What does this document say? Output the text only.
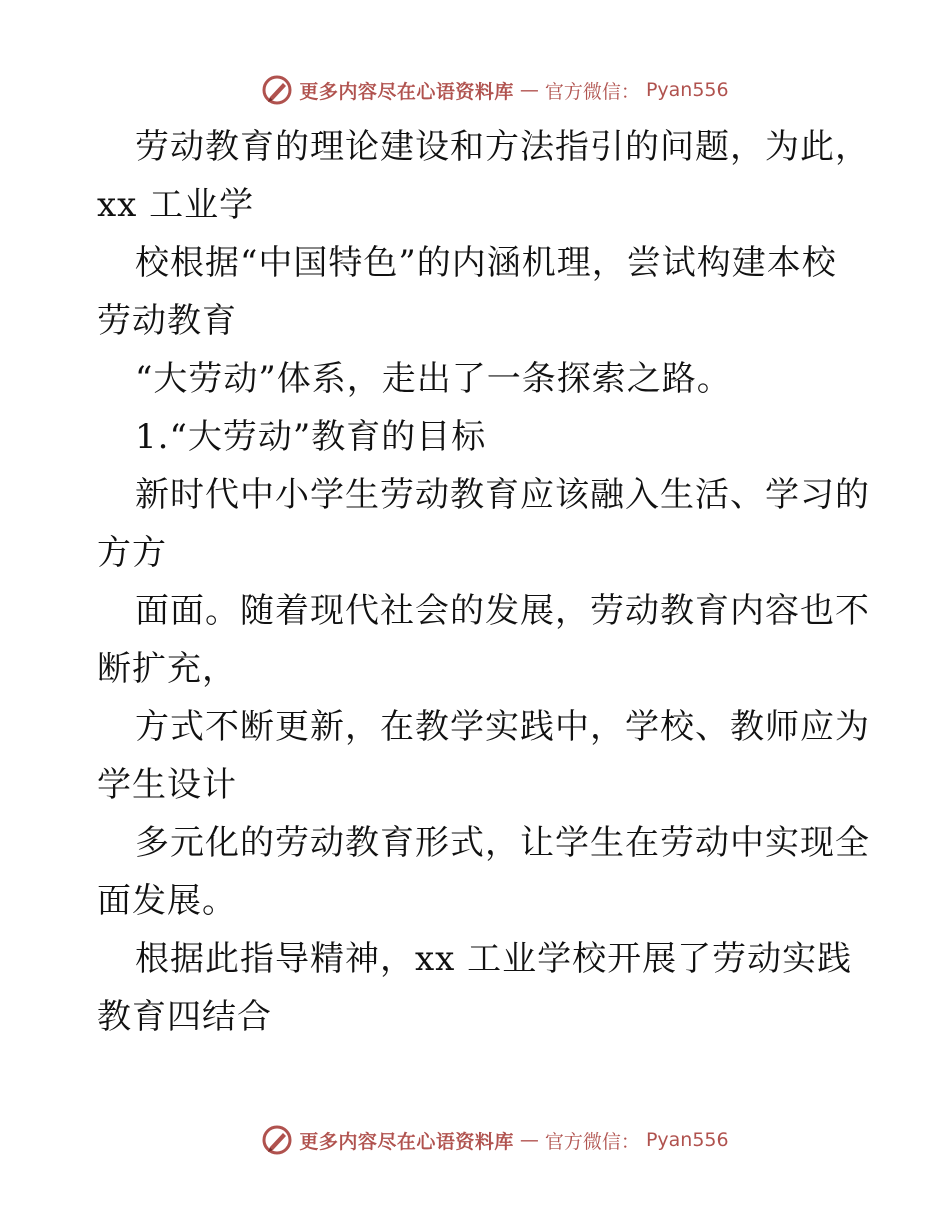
更多内容尽在心语资料库 — 官方微信： Pyan556
劳动教育的理论建设和方法指引的问题，为此，
xx 工业学
校根据“中国特色”的内涵机理，尝试构建本校
劳动教育
“大劳动”体系，走出了一条探索之路。
1.“大劳动”教育的目标
新时代中小学生劳动教育应该融入生活、学习的
方方
面面。随着现代社会的发展，劳动教育内容也不
断扩充，
方式不断更新，在教学实践中，学校、教师应为
学生设计
多元化的劳动教育形式，让学生在劳动中实现全
面发展。
根据此指导精神，xx 工业学校开展了劳动实践
教育四结合
更多内容尽在心语资料库 — 官方微信： Pyan556
